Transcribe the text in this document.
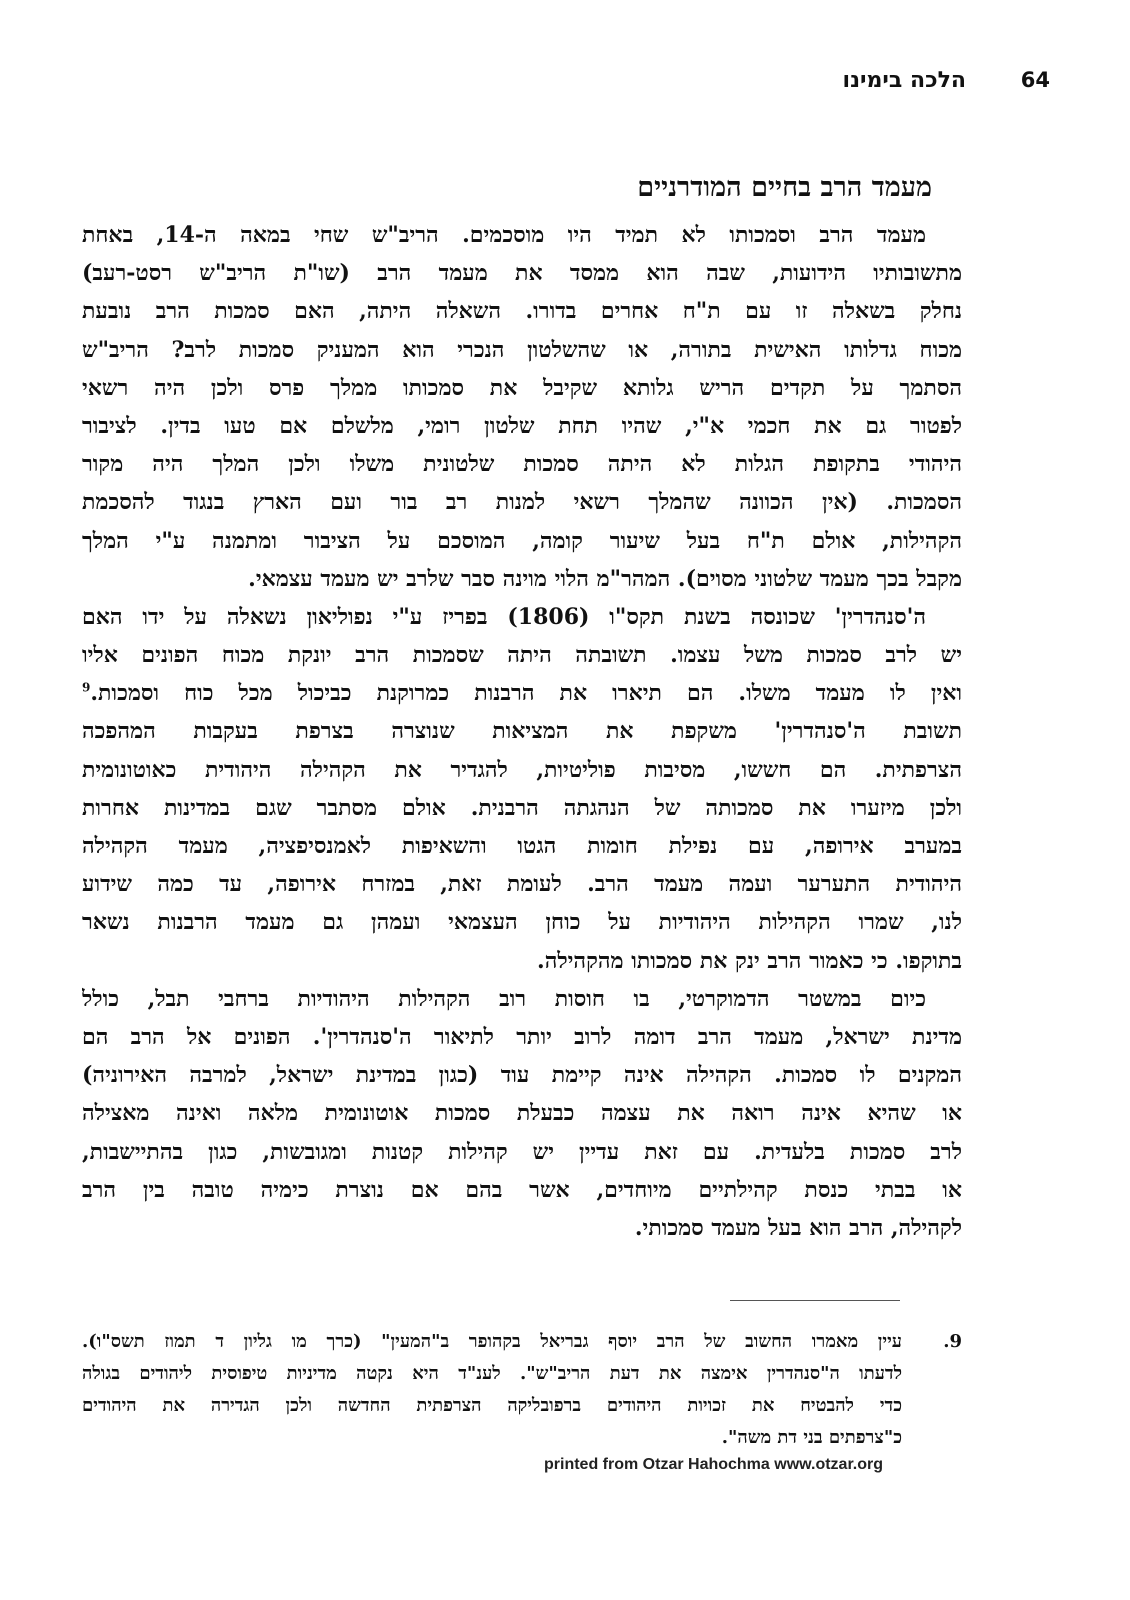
64
הלכה בימינו
מעמד הרב בחיים המודרניים
מעמד הרב וסמכותו לא תמיד היו מוסכמים. הריב"ש שחי במאה ה-14, באחת
מתשובותיו הידועות, שבה הוא ממסד את מעמד הרב (שו"ת הריב"ש רסט-רעב)
נחלק בשאלה זו עם ת"ח אחרים בדורו. השאלה היתה, האם סמכות הרב נובעת
מכוח גדלותו האישית בתורה, או שהשלטון הנכרי הוא המעניק סמכות לרב? הריב"ש
הסתמך על תקדים הריש גלותא שקיבל את סמכותו ממלך פרס ולכן היה רשאי
לפטור גם את חכמי א"י, שהיו תחת שלטון רומי, מלשלם אם טעו בדין. לציבור
היהודי בתקופת הגלות לא היתה סמכות שלטונית משלו ולכן המלך היה מקור
הסמכות. (אין הכוונה שהמלך רשאי למנות רב בור ועם הארץ בנגוד להסכמת
הקהילות, אולם ת"ח בעל שיעור קומה, המוסכם על הציבור ומתמנה ע"י המלך
מקבל בכך מעמד שלטוני מסוים). המהר"מ הלוי מוינה סבר שלרב יש מעמד עצמאי.
ה'סנהדרין' שכונסה בשנת תקס"ו (1806) בפריז ע"י נפוליאון נשאלה על ידו האם
יש לרב סמכות משל עצמו. תשובתה היתה שסמכות הרב יונקת מכוח הפונים אליו
ואין לו מעמד משלו. הם תיארו את הרבנות כמרוקנת כביכול מכל כוח וסמכות.$^9$
תשובת ה'סנהדרין' משקפת את המציאות שנוצרה בצרפת בעקבות המהפכה
הצרפתית. הם חששו, מסיבות פוליטיות, להגדיר את הקהילה היהודית כאוטונומית
ולכן מיזערו את סמכותה של הנהגתה הרבנית. אולם מסתבר שגם במדינות אחרות
במערב אירופה, עם נפילת חומות הגטו והשאיפות לאמנסיפציה, מעמד הקהילה
היהודית התערער ועמה מעמד הרב. לעומת זאת, במזרח אירופה, עד כמה שידוע
לנו, שמרו הקהילות היהודיות על כוחן העצמאי ועמהן גם מעמד הרבנות נשאר
בתוקפו. כי כאמור הרב ינק את סמכותו מהקהילה.
כיום במשטר הדמוקרטי, בו חוסות רוב הקהילות היהודיות ברחבי תבל, כולל
מדינת ישראל, מעמד הרב דומה לרוב יותר לתיאור ה'סנהדרין'. הפונים אל הרב הם
המקנים לו סמכות. הקהילה אינה קיימת עוד (כגון במדינת ישראל, למרבה האירוניה)
או שהיא אינה רואה את עצמה כבעלת סמכות אוטונומית מלאה ואינה מאצילה
לרב סמכות בלעדית. עם זאת עדיין יש קהילות קטנות ומגובשות, כגון בהתיישבות,
או בבתי כנסת קהילתיים מיוחדים, אשר בהם אם נוצרת כימיה טובה בין הרב
לקהילה, הרב הוא בעל מעמד סמכותי.
9.
עיין מאמרו החשוב של הרב יוסף גבריאל בקהופר ב"המעין" (כרך מו גליון ד תמוז תשס"ו).
לדעתו ה"סנהדרין אימצה את דעת הריב"ש". לענ"ד היא נקטה מדיניות טיפוסית ליהודים בגולה
כדי להבטיח את זכויות היהודים ברפובליקה הצרפתית החדשה ולכן הגדירה את היהודים
כ"צרפתים בני דת משה".
printed from Otzar Hahochma www.otzar.org
